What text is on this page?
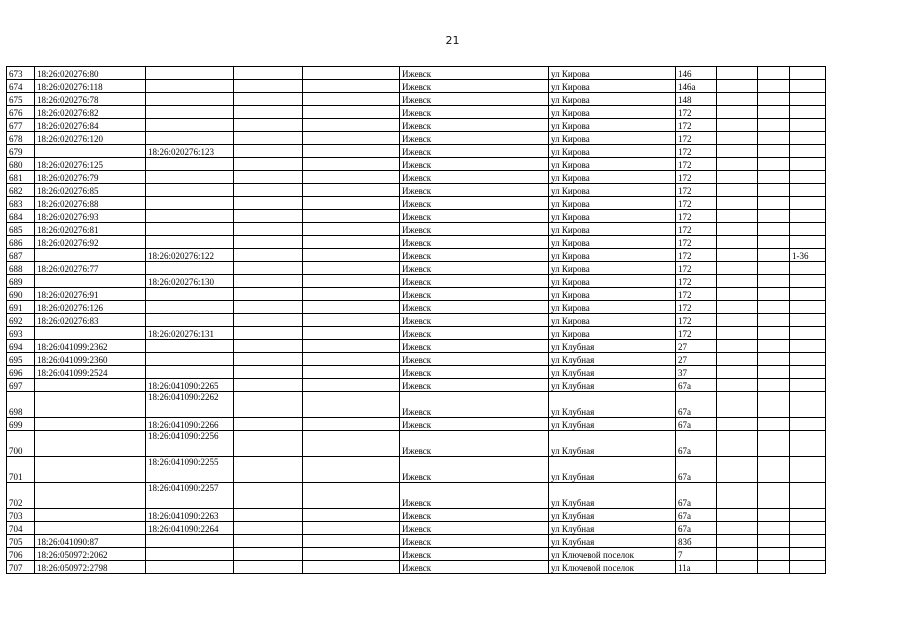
21
673	18:26:020276:80				Ижевск	ул Кирова	146			
674	18:26:020276:118				Ижевск	ул Кирова	146а			
675	18:26:020276:78				Ижевск	ул Кирова	148			
676	18:26:020276:82				Ижевск	ул Кирова	172			
677	18:26:020276:84				Ижевск	ул Кирова	172			
678	18:26:020276:120				Ижевск	ул Кирова	172			
679		18:26:020276:123			Ижевск	ул Кирова	172			
680	18:26:020276:125				Ижевск	ул Кирова	172			
681	18:26:020276:79				Ижевск	ул Кирова	172			
682	18:26:020276:85				Ижевск	ул Кирова	172			
683	18:26:020276:88				Ижевск	ул Кирова	172			
684	18:26:020276:93				Ижевск	ул Кирова	172			
685	18:26:020276:81				Ижевск	ул Кирова	172			
686	18:26:020276:92				Ижевск	ул Кирова	172			
687		18:26:020276:122			Ижевск	ул Кирова	172			1-36
688	18:26:020276:77				Ижевск	ул Кирова	172			
689		18:26:020276:130			Ижевск	ул Кирова	172			
690	18:26:020276:91				Ижевск	ул Кирова	172			
691	18:26:020276:126				Ижевск	ул Кирова	172			
692	18:26:020276:83				Ижевск	ул Кирова	172			
693		18:26:020276:131			Ижевск	ул Кирова	172			
694	18:26:041099:2362				Ижевск	ул Клубная	27			
695	18:26:041099:2360				Ижевск	ул Клубная	27			
696	18:26:041099:2524				Ижевск	ул Клубная	37			
697		18:26:041090:2265			Ижевск	ул Клубная	67а			
698		18:26:041090:2262			Ижевск	ул Клубная	67а			
699		18:26:041090:2266			Ижевск	ул Клубная	67а			
700		18:26:041090:2256			Ижевск	ул Клубная	67а			
701		18:26:041090:2255			Ижевск	ул Клубная	67а			
702		18:26:041090:2257			Ижевск	ул Клубная	67а			
703		18:26:041090:2263			Ижевск	ул Клубная	67а			
704		18:26:041090:2264			Ижевск	ул Клубная	67а			
705	18:26:041090:87				Ижевск	ул Клубная	83б			
706	18:26:050972:2062				Ижевск	ул Ключевой поселок	7			
707	18:26:050972:2798				Ижевск	ул Ключевой поселок	11а			
